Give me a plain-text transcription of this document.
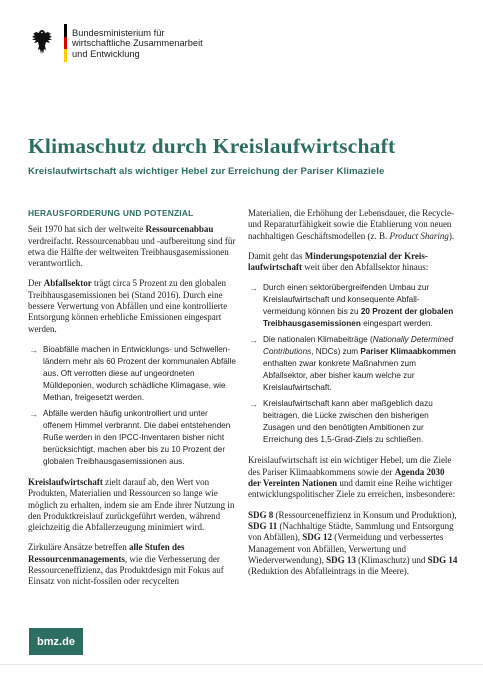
Bundesministerium für
wirtschaftliche Zusammenarbeit
und Entwicklung
Klimaschutz durch Kreislaufwirtschaft
Kreislaufwirtschaft als wichtiger Hebel zur Erreichung der Pariser Klimaziele
HERAUSFORDERUNG UND POTENZIAL

Seit 1970 hat sich der weltweite Ressourcenabbau verdreifacht. Ressourcenabbau und -aufbereitung sind für etwa die Hälfte der weltweiten Treibhausgasemissionen verantwortlich.

Der Abfallsektor trägt circa 5 Prozent zu den globalen Treibhausgasemissionen bei (Stand 2016). Durch eine bessere Verwertung von Abfällen und eine kontrollierte Entsorgung können erhebliche Emissionen eingespart werden.

→ Bioabfälle machen in Entwicklungs- und Schwellenländern mehr als 60 Prozent der kommunalen Abfälle aus. Oft verrotten diese auf ungeordneten Mülldeponien, wodurch schädliche Klimagase, wie Methan, freigesetzt werden.
→ Abfälle werden häufig unkontrolliert und unter offenem Himmel verbrannt. Die dabei entstehenden Ruße werden in den IPCC-Inventaren bisher nicht berücksichtigt, machen aber bis zu 10 Prozent der globalen Treibhausgasemissionen aus.

Kreislaufwirtschaft zielt darauf ab, den Wert von Produkten, Materialien und Ressourcen so lange wie möglich zu erhalten, indem sie am Ende ihrer Nutzung in den Produktkreislauf zurückgeführt werden, während gleichzeitig die Abfallerzeugung minimiert wird.

Zirkuläre Ansätze betreffen alle Stufen des Ressourcenmanagements, wie die Verbesserung der Ressourceneffizienz, das Produktdesign mit Fokus auf Einsatz von nicht-fossilen oder recycelten

Materialien, die Erhöhung der Lebensdauer, die Recycle- und Reparaturfähigkeit sowie die Etablierung von neuen nachhaltigen Geschäftsmodellen (z. B. Product Sharing).

Damit geht das Minderungspotenzial der Kreislaufwirtschaft weit über den Abfallsektor hinaus:

→ Durch einen sektorübergreifenden Umbau zur Kreislaufwirtschaft und konsequente Abfallvermeidung können bis zu 20 Prozent der globalen Treibhausgasemissionen eingespart werden.
→ Die nationalen Klimabeiträge (Nationally Determined Contributions, NDCs) zum Pariser Klimaabkommen enthalten zwar konkrete Maßnahmen zum Abfallsektor, aber bisher kaum welche zur Kreislaufwirtschaft.
→ Kreislaufwirtschaft kann aber maßgeblich dazu beitragen, die Lücke zwischen den bisherigen Zusagen und den benötigten Ambitionen zur Erreichung des 1,5-Grad-Ziels zu schließen.

Kreislaufwirtschaft ist ein wichtiger Hebel, um die Ziele des Pariser Klimaabkommens sowie der Agenda 2030 der Vereinten Nationen und damit eine Reihe wichtiger entwicklungspolitischer Ziele zu erreichen, insbesondere:

SDG 8 (Ressourceneffizienz in Konsum und Produktion), SDG 11 (Nachhaltige Städte, Sammlung und Entsorgung von Abfällen), SDG 12 (Vermeidung und verbessertes Management von Abfällen, Verwertung und Wiederverwendung), SDG 13 (Klimaschutz) und SDG 14 (Reduktion des Abfalleintrags in die Meere).

bmz.de
